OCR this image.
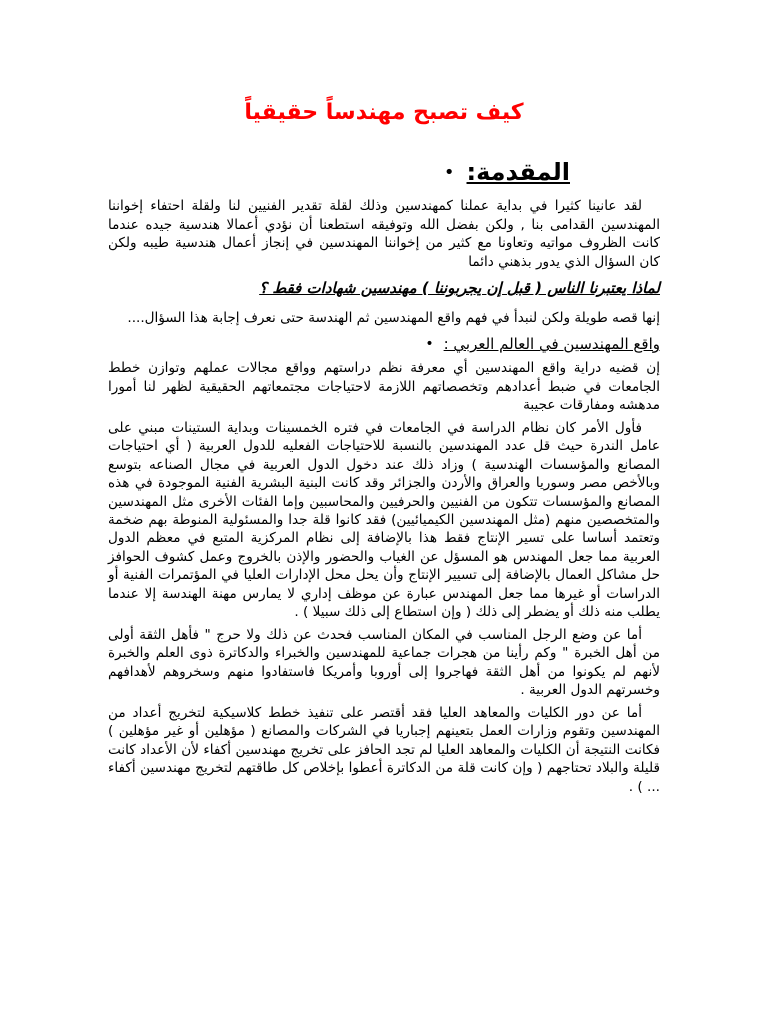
كيف تصبح مهندساً حقيقياً
المقدمة:
•

لقد عانينا كثيرا في بداية عملنا كمهندسين وذلك لقلة تقدير الفنيين لنا ولقلة احتفاء إخواننا المهندسين القدامى بنا , ولكن بفضل الله وتوفيقه استطعنا أن نؤدي أعمالا هندسية جيده عندما كانت الظروف مواتيه وتعاونا مع كثير من إخواننا المهندسين في إنجاز أعمال هندسية طيبه ولكن كان السؤال الذي يدور بذهني دائما

لماذا يعتبرنا الناس ( قبل إن يجربوننا ) مهندسين شهادات فقط ؟

إنها قصه طويلة ولكن لنبدأ في فهم واقع المهندسين ثم الهندسة حتى نعرف إجابة هذا السؤال....

واقع المهندسين في العالم العربي :
•

إن قضيه دراية واقع المهندسين أي معرفة نظم دراستهم وواقع مجالات عملهم وتوازن خطط الجامعات في ضبط أعدادهم وتخصصاتهم اللازمة لاحتياجات مجتمعاتهم الحقيقية لظهر لنا أمورا مدهشه ومفارقات عجيبة

فأول الأمر كان نظام الدراسة في الجامعات في فتره الخمسينات وبداية الستينات مبني على عامل الندرة حيث قل عدد المهندسين بالنسبة للاحتياجات الفعليه للدول العربية ( أي احتياجات المصانع والمؤسسات الهندسية ) وزاد ذلك عند دخول الدول العربية في مجال الصناعه بتوسع وبالأخص مصر وسوريا والعراق والأردن والجزائر وقد كانت البنية البشرية الفنية الموجودة في هذه المصانع والمؤسسات تتكون من الفنيين والحرفيين والمحاسبين وإما الفئات الأخرى مثل المهندسين والمتخصصين منهم (مثل المهندسين الكيميائيين) فقد كانوا قلة جدا والمسئولية المنوطة بهم ضخمة وتعتمد أساسا على تسير الإنتاج فقط هذا بالإضافة إلى نظام المركزية المتبع في معظم الدول العربية مما جعل المهندس هو المسؤل عن الغياب والحضور والإذن بالخروج وعمل كشوف الحوافز حل مشاكل العمال بالإضافة إلى تسيير الإنتاج وأن يحل محل الإدارات العليا في المؤتمرات الفنية أو الدراسات أو غيرها مما جعل المهندس عبارة عن موظف إداري لا يمارس مهنة الهندسة إلا عندما يطلب منه ذلك أو يضطر إلى ذلك ( وإن استطاع إلى ذلك سبيلا ) .

أما عن وضع الرجل المناسب في المكان المناسب فحدث عن ذلك ولا حرج " فأهل الثقة أولى من أهل الخبرة " وكم رأينا من هجرات جماعية للمهندسين والخبراء والدكاترة ذوى العلم والخبرة لأنهم لم يكونوا من أهل الثقة فهاجروا إلى أوروبا وأمريكا فاستفادوا منهم وسخروهم لأهدافهم وخسرتهم الدول العربية .

أما عن دور الكليات والمعاهد العليا فقد أقتصر على تنفيذ خطط كلاسيكية لتخريج أعداد من المهندسين وتقوم وزارات العمل بتعينهم إجباريا في الشركات والمصانع ( مؤهلين أو غير مؤهلين ) فكانت النتيجة أن الكليات والمعاهد العليا لم تجد الحافز على تخريج مهندسين أكفاء لأن الأعداد كانت قليلة والبلاد تحتاجهم ( وإن كانت قلة من الدكاترة أعطوا بإخلاص كل طاقتهم لتخريج مهندسين أكفاء ... ) .
